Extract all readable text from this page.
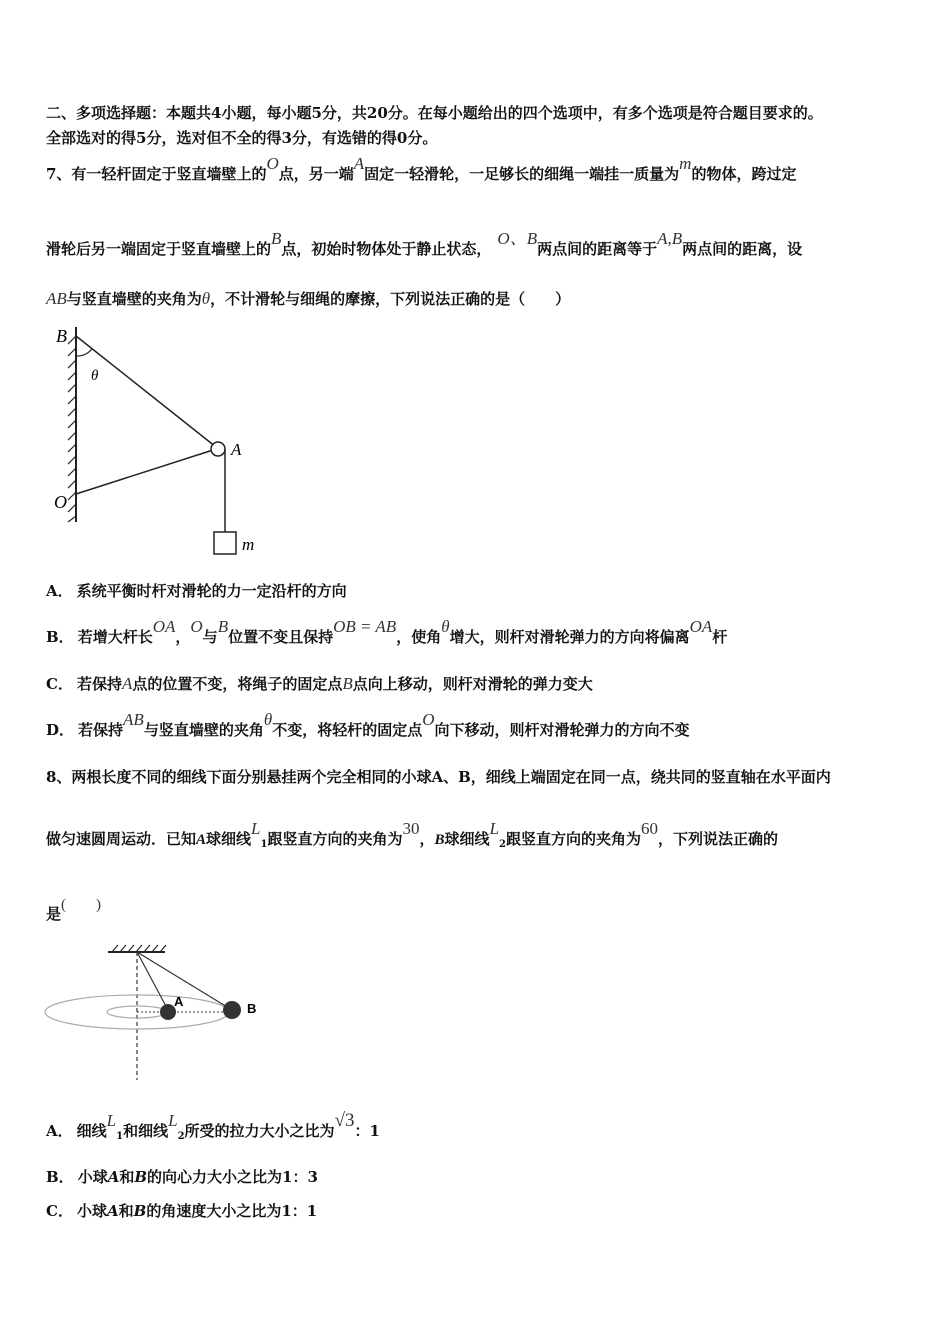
二、多项选择题：本题共4小题，每小题5分，共20分。在每小题给出的四个选项中，有多个选项是符合题目要求的。
全部选对的得5分，选对但不全的得3分，有选错的得0分。
7、有一轻杆固定于竖直墙壁上的O点，另一端A固定一轻滑轮，一足够长的细绳一端挂一质量为m的物体，跨过定
滑轮后另一端固定于竖直墙壁上的B点，初始时物体处于静止状态，O、B两点间的距离等于A,B两点间的距离，设
AB与竖直墙壁的夹角为θ，不计滑轮与细绳的摩擦，下列说法正确的是（　　）
B
O
A
m
θ
A． 系统平衡时杆对滑轮的力一定沿杆的方向
B． 若增大杆长OA，O与B位置不变且保持OB = AB，使角θ增大，则杆对滑轮弹力的方向将偏离OA杆
C． 若保持A点的位置不变，将绳子的固定点B点向上移动，则杆对滑轮的弹力变大
D． 若保持AB与竖直墙壁的夹角θ不变，将轻杆的固定点O向下移动，则杆对滑轮弹力的方向不变
8、两根长度不同的细线下面分别悬挂两个完全相同的小球A、B，细线上端固定在同一点，绕共同的竖直轴在水平面内
做匀速圆周运动．已知A球细线$L_1$跟竖直方向的夹角为30，B球细线$L_2$跟竖直方向的夹角为60，下列说法正确的
是(　　)
A	B
A． 细线$L_1$和细线$L_2$所受的拉力大小之比为√3：1
B． 小球A和B的向心力大小之比为1：3
C． 小球A和B的角速度大小之比为1：1
